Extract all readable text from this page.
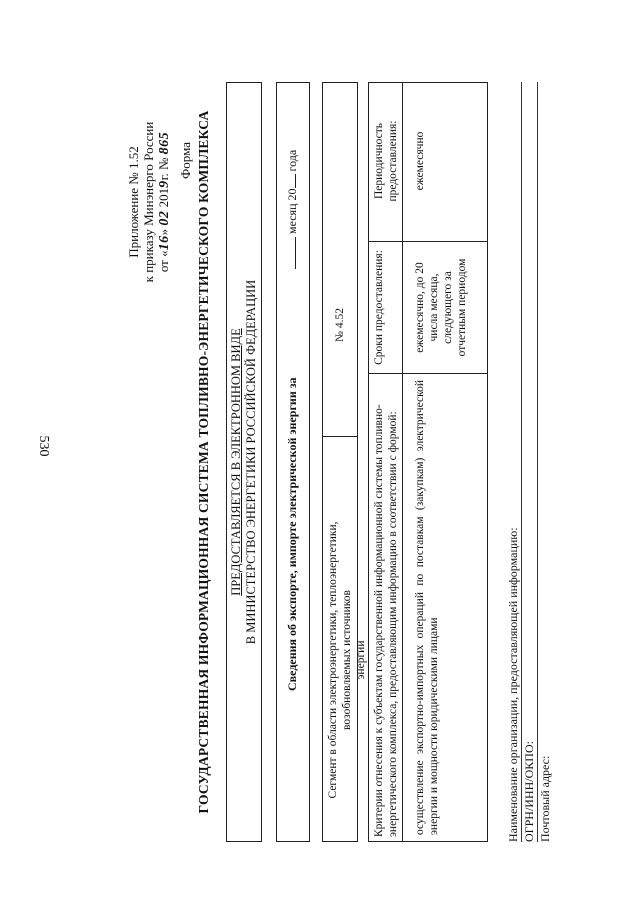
530
Приложение № 1.52 к приказу Минэнерго России от «16» 02 2019г. № 865 Форма ГОСУДАРСТВЕННАЯ ИНФОРМАЦИОННАЯ СИСТЕМА ТОПЛИВНО-ЭНЕРГЕТИЧЕСКОГО КОМПЛЕКСА ПРЕДОСТАВЛЯЕТСЯ В ЭЛЕКТРОННОМ ВИДЕ В МИНИСТЕРСТВО ЭНЕРГЕТИКИ РОССИЙСКОЙ ФЕДЕРАЦИИ Сведения об экспорте, импорте электрической энергии за
месяц 20 года
Сегмент в области электроэнергетики, теплоэнергетики, возобновляемых источников энергии
№ 4.52
Критерии отнесения к субъектам государственной информационной системы топливно-энергетического комплекса, предоставляющим информацию в соответствии с формой: осуществление экспортно-импортных операций по поставкам (закупкам) электрической энергии и мощности юридическими лицами
Сроки предоставления:	ежемесячно, до 20 числа месяца, следующего за отчетным периодом
Периодичность предоставления: ежемесячно
Наименование организации, предоставляющей информацию: ОГРН/ИНН/ОКПО: Почтовый адрес:
